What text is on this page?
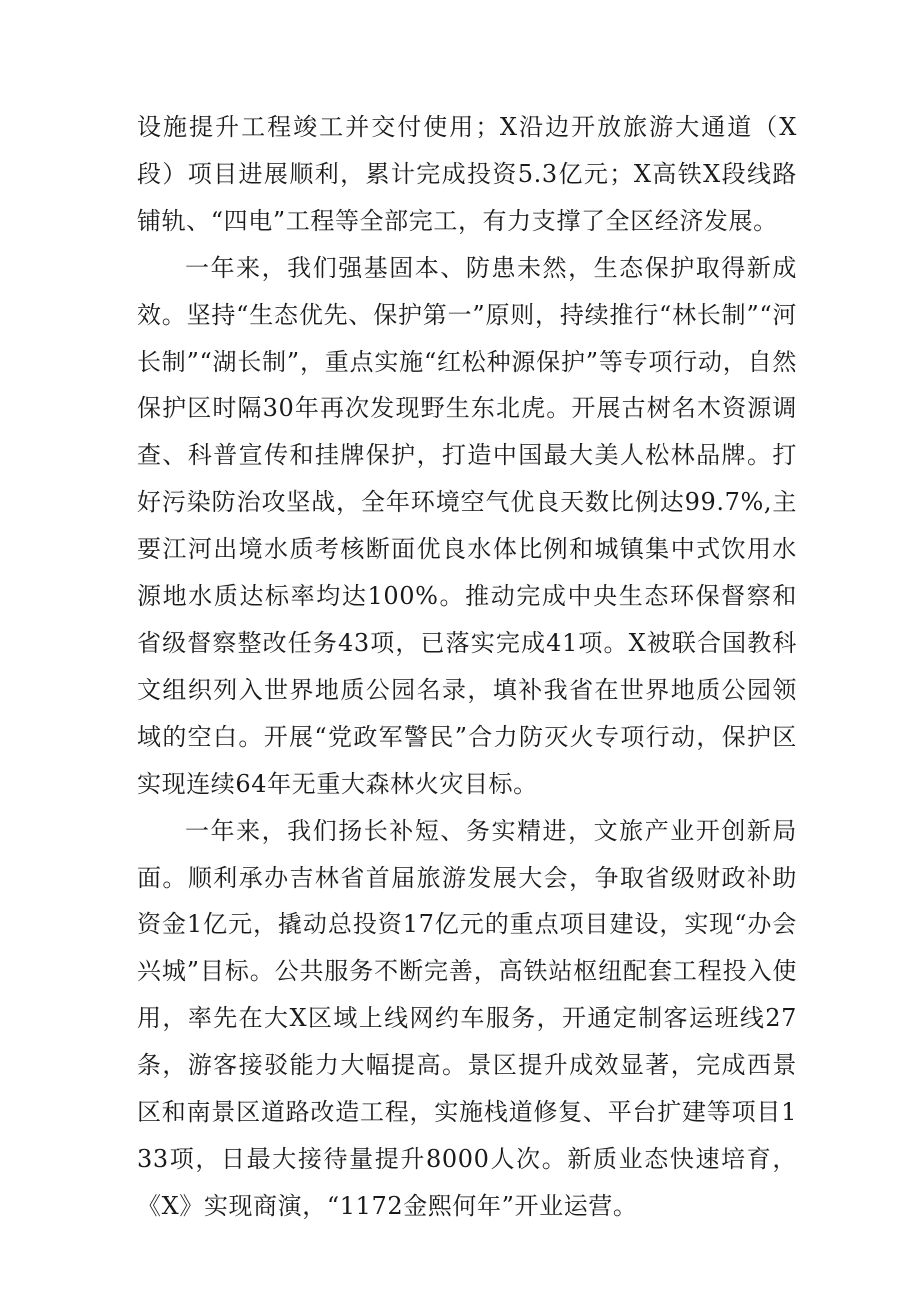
设施提升工程竣工并交付使用；X沿边开放旅游大通道（X段）项目进展顺利，累计完成投资5.3亿元；X高铁X段线路铺轨、“四电”工程等全部完工，有力支撑了全区经济发展。

一年来，我们强基固本、防患未然，生态保护取得新成效。坚持“生态优先、保护第一”原则，持续推行“林长制”“河长制”“湖长制”，重点实施“红松种源保护”等专项行动，自然保护区时隔30年再次发现野生东北虎。开展古树名木资源调查、科普宣传和挂牌保护，打造中国最大美人松林品牌。打好污染防治攻坚战，全年环境空气优良天数比例达99.7%,主要江河出境水质考核断面优良水体比例和城镇集中式饮用水源地水质达标率均达100%。推动完成中央生态环保督察和省级督察整改任务43项，已落实完成41项。X被联合国教科文组织列入世界地质公园名录，填补我省在世界地质公园领域的空白。开展“党政军警民”合力防灭火专项行动，保护区实现连续64年无重大森林火灾目标。

一年来，我们扬长补短、务实精进，文旅产业开创新局面。顺利承办吉林省首届旅游发展大会，争取省级财政补助资金1亿元，撬动总投资17亿元的重点项目建设，实现“办会兴城”目标。公共服务不断完善，高铁站枢纽配套工程投入使用，率先在大X区域上线网约车服务，开通定制客运班线27条，游客接驳能力大幅提高。景区提升成效显著，完成西景区和南景区道路改造工程，实施栈道修复、平台扩建等项目133项，日最大接待量提升8000人次。新质业态快速培育，《X》实现商演，“1172金熙何年”开业运营。
